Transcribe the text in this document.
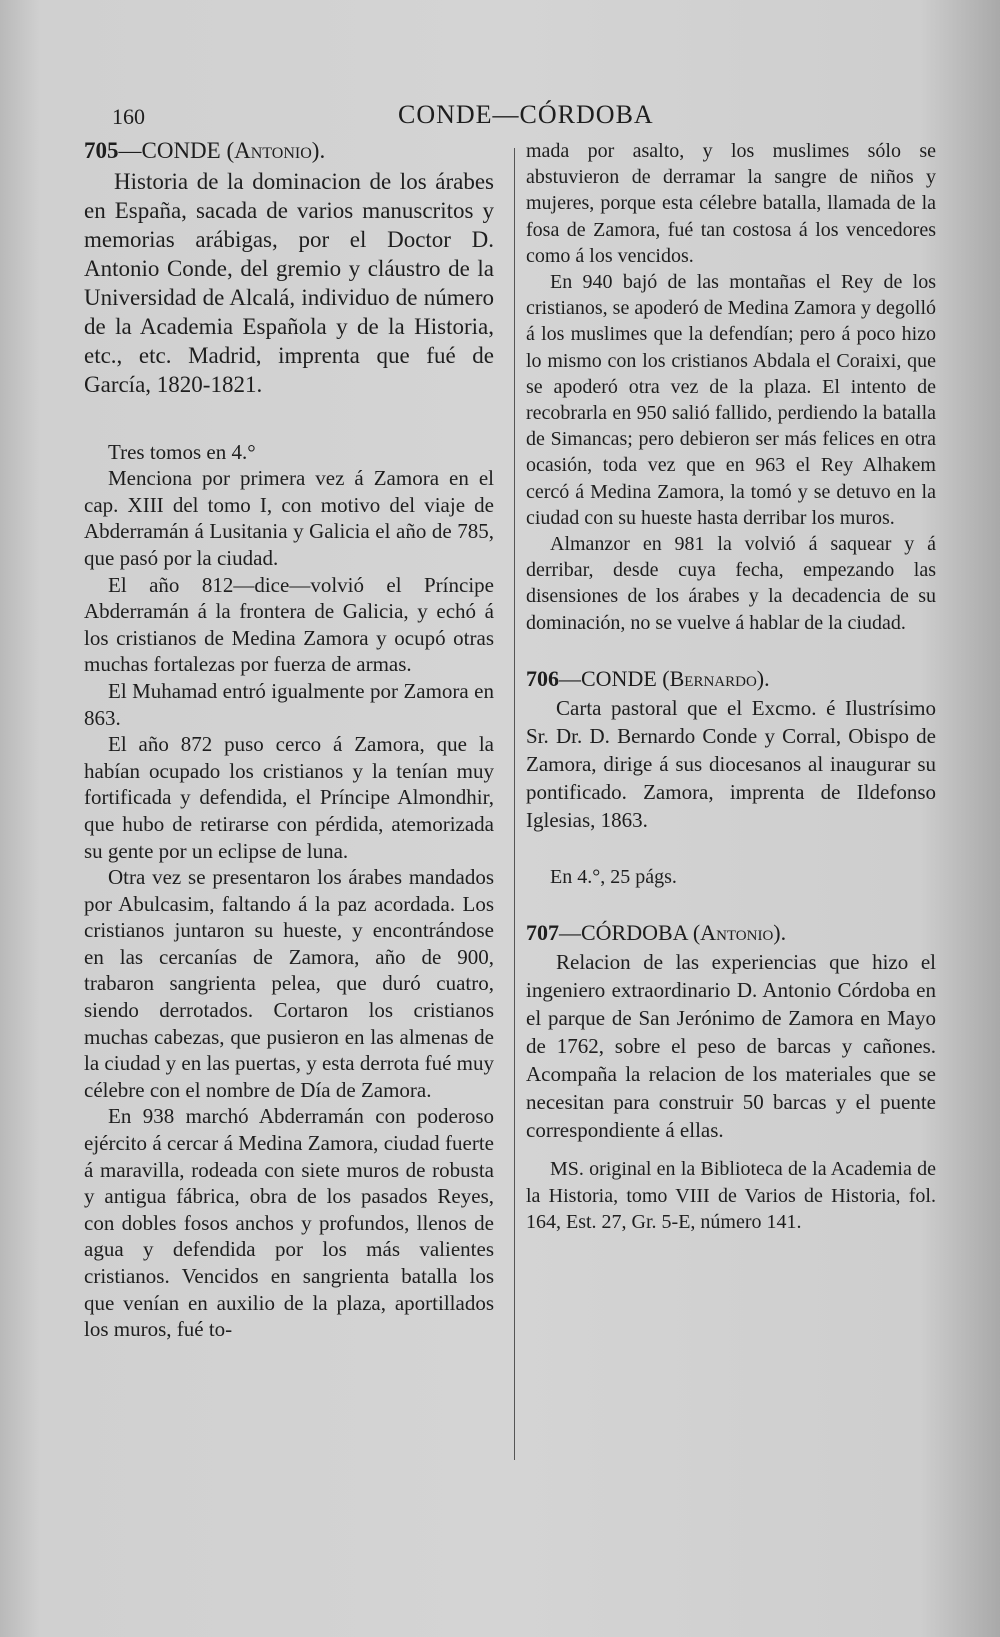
160	CONDE—CÓRDOBA
705—CONDE (Antonio).

Historia de la dominacion de los árabes en España, sacada de varios manuscritos y memorias arábigas, por el Doctor D. Antonio Conde, del gremio y cláustro de la Universidad de Alcalá, individuo de número de la Academia Española y de la Historia, etc., etc. Madrid, imprenta que fué de García, 1820-1821.

Tres tomos en 4.°

Menciona por primera vez á Zamora en el cap. XIII del tomo I, con motivo del viaje de Abderramán á Lusitania y Galicia el año de 785, que pasó por la ciudad.

El año 812—dice—volvió el Príncipe Abderramán á la frontera de Galicia, y echó á los cristianos de Medina Zamora y ocupó otras muchas fortalezas por fuerza de armas.

El Muhamad entró igualmente por Zamora en 863.

El año 872 puso cerco á Zamora, que la habían ocupado los cristianos y la tenían muy fortificada y defendida, el Príncipe Almondhir, que hubo de retirarse con pérdida, atemorizada su gente por un eclipse de luna.

Otra vez se presentaron los árabes mandados por Abulcasim, faltando á la paz acordada. Los cristianos juntaron su hueste, y encontrándose en las cercanías de Zamora, año de 900, trabaron sangrienta pelea, que duró cuatro, siendo derrotados. Cortaron los cristianos muchas cabezas, que pusieron en las almenas de la ciudad y en las puertas, y esta derrota fué muy célebre con el nombre de Día de Zamora.

En 938 marchó Abderramán con poderoso ejército á cercar á Medina Zamora, ciudad fuerte á maravilla, rodeada con siete muros de robusta y antigua fábrica, obra de los pasados Reyes, con dobles fosos anchos y profundos, llenos de agua y defendida por los más valientes cristianos. Vencidos en sangrienta batalla los que venían en auxilio de la plaza, aportillados los muros, fué to-

mada por asalto, y los muslimes sólo se abstuvieron de derramar la sangre de niños y mujeres, porque esta célebre batalla, llamada de la fosa de Zamora, fué tan costosa á los vencedores como á los vencidos.

En 940 bajó de las montañas el Rey de los cristianos, se apoderó de Medina Zamora y degolló á los muslimes que la defendían; pero á poco hizo lo mismo con los cristianos Abdala el Coraixi, que se apoderó otra vez de la plaza. El intento de recobrarla en 950 salió fallido, perdiendo la batalla de Simancas; pero debieron ser más felices en otra ocasión, toda vez que en 963 el Rey Alhakem cercó á Medina Zamora, la tomó y se detuvo en la ciudad con su hueste hasta derribar los muros.

Almanzor en 981 la volvió á saquear y á derribar, desde cuya fecha, empezando las disensiones de los árabes y la decadencia de su dominación, no se vuelve á hablar de la ciudad.

706—CONDE (Bernardo).

Carta pastoral que el Excmo. é Ilustrísimo Sr. Dr. D. Bernardo Conde y Corral, Obispo de Zamora, dirige á sus diocesanos al inaugurar su pontificado. Zamora, imprenta de Ildefonso Iglesias, 1863.

En 4.°, 25 págs.

707—CÓRDOBA (Antonio).

Relacion de las experiencias que hizo el ingeniero extraordinario D. Antonio Córdoba en el parque de San Jerónimo de Zamora en Mayo de 1762, sobre el peso de barcas y cañones. Acompaña la relacion de los materiales que se necesitan para construir 50 barcas y el puente correspondiente á ellas.

MS. original en la Biblioteca de la Academia de la Historia, tomo VIII de Varios de Historia, fol. 164, Est. 27, Gr. 5-E, número 141.
